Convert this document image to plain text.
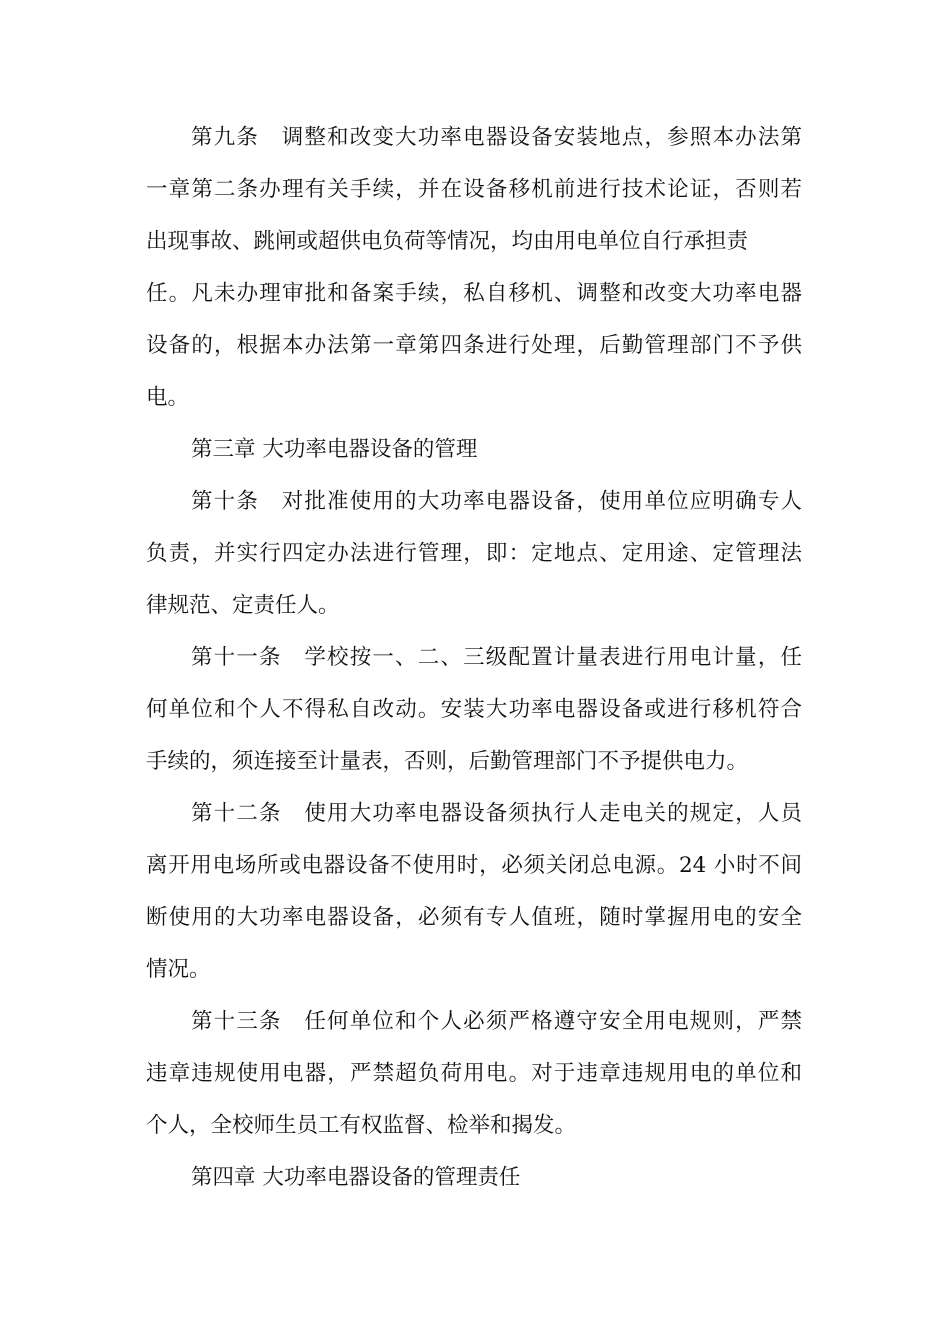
第九条　调整和改变大功率电器设备安装地点，参照本办法第
一章第二条办理有关手续，并在设备移机前进行技术论证，否则若
出现事故、跳闸或超供电负荷等情况，均由用电单位自行承担责
任。凡未办理审批和备案手续，私自移机、调整和改变大功率电器
设备的，根据本办法第一章第四条进行处理，后勤管理部门不予供
电。
第三章 大功率电器设备的管理
第十条　对批准使用的大功率电器设备，使用单位应明确专人
负责，并实行四定办法进行管理，即：定地点、定用途、定管理法
律规范、定责任人。
第十一条　学校按一、二、三级配置计量表进行用电计量，任
何单位和个人不得私自改动。安装大功率电器设备或进行移机符合
手续的，须连接至计量表，否则，后勤管理部门不予提供电力。
第十二条　使用大功率电器设备须执行人走电关的规定，人员
离开用电场所或电器设备不使用时，必须关闭总电源。24 小时不间
断使用的大功率电器设备，必须有专人值班，随时掌握用电的安全
情况。
第十三条　任何单位和个人必须严格遵守安全用电规则，严禁
违章违规使用电器，严禁超负荷用电。对于违章违规用电的单位和
个人，全校师生员工有权监督、检举和揭发。
第四章 大功率电器设备的管理责任
